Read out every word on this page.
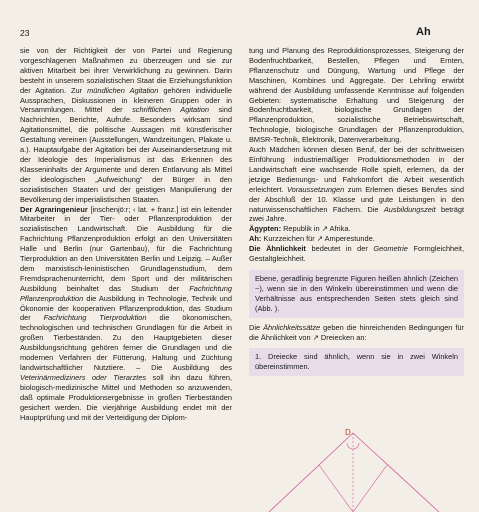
23	Ah

sie von der Richtigkeit der von Partei und Regierung vorgeschlagenen Maßnahmen zu überzeugen und sie zur aktiven Mitarbeit bei ihrer Verwirklichung zu gewinnen. Darin besteht in unserem sozialistischen Staat die Erziehungsfunktion der Agitation. Zur mündlichen Agitation gehören individuelle Aussprachen, Diskussionen in kleineren Gruppen oder in Versammlungen. Mittel der schriftlichen Agitation sind Nachrichten, Berichte, Aufrufe. Besonders wirksam sind Agitationsmittel, die politische Aussagen mit künstlerischer Gestaltung vereinen (Ausstellungen, Wandzeitungen, Plakate u. a.). Hauptaufgabe der Agitation bei der Auseinandersetzung mit der Ideologie des Imperialismus ist das Erkennen des Klasseninhalts der Argumente und deren Entlarvung als Mittel der ideologischen „Aufweichung“ der Bürger in den sozialistischen Staaten und der geistigen Manipulierung der Bevölkerung der imperialistischen Staaten.

Der Agraringenieur [inscheni̯ö:r; ‹ lat. + franz.] ist ein leitender Mitarbeiter in der Tier- oder Pflanzenproduktion der sozialistischen Landwirtschaft. Die Ausbildung für die Fachrichtung Pflanzenproduktion erfolgt an den Universitäten Halle und Berlin (nur Gartenbau), für die Fachrichtung Tierproduktion an den Universitäten Berlin und Leipzig. – Außer dem marxistisch-leninistischen Grundlagenstudium, dem Fremdsprachenunterricht, dem Sport und der militärischen Ausbildung beinhaltet das Studium der Fachrichtung Pflanzenproduktion die Ausbildung in Technologie, Technik und Ökonomie der kooperativen Pflanzenproduktion, das Studium der Fachrichtung Tierproduktion die ökonomischen, technologischen und technischen Grundlagen für die Arbeit in großen Tierbeständen. Zu den Hauptgebieten dieser Ausbildungsrichtung gehören ferner die Grundlagen und die modernen Verfahren der Fütterung, Haltung und Züchtung landwirtschaftlicher Nutztiere. – Die Ausbildung des Veterinärmediziners oder Tierarztes soll ihn dazu führen, biologisch-medizinische Mittel und Methoden so anzuwenden, daß optimale Produktionsergebnisse in großen Tierbeständen gesichert werden. Die vierjährige Ausbildung endet mit der Hauptprüfung und mit der Verteidigung der Diplom-

tung und Planung des Reproduktionsprozesses, Steigerung der Bodenfruchtbarkeit, Bestellen, Pflegen und Ernten, Pflanzenschutz und Düngung, Wartung und Pflege der Maschinen, Kombines und Aggregate. Der Lehrling erwirbt während der Ausbildung umfassende Kenntnisse auf folgenden Gebieten: systematische Erhaltung und Steigerung der Bodenfruchtbarkeit, biologische Grundlagen der Pflanzenproduktion, sozialistische Betriebswirtschaft, Technologie, biologische Grundlagen der Pflanzenproduktion, BMSR-Technik, Elektronik, Datenverarbeitung.

Auch Mädchen können diesen Beruf, der bei der schrittweisen Einführung industriemäßiger Produktionsmethoden in der Landwirtschaft eine wachsende Rolle spielt, erlernen, da der jetzige Bedienungs- und Fahrkomfort die Arbeit wesentlich erleichtert. Voraussetzungen zum Erlernen dieses Berufes sind der Abschluß der 10. Klasse und gute Leistungen in den naturwissenschaftlichen Fächern. Die Ausbildungszeit beträgt zwei Jahre.

Ägypten: Republik in ↗ Afrika.

Ah: Kurzzeichen für ↗ Amperestunde.

Die Ähnlichkeit bedeutet in der Geometrie Formgleichheit, Gestaltgleichheit.

Ebene, geradlinig begrenzte Figuren heißen ähnlich (Zeichen ~), wenn sie in den Winkeln übereinstimmen und wenn die Verhältnisse aus entsprechenden Seiten stets gleich sind (Abb. ).

Die Ähnlichkeitssätze geben die hinreichenden Bedingungen für die Ähnlichkeit von ↗ Dreiecken an:

1. Dreiecke sind ähnlich, wenn sie in zwei Winkeln übereinstimmen.
D
